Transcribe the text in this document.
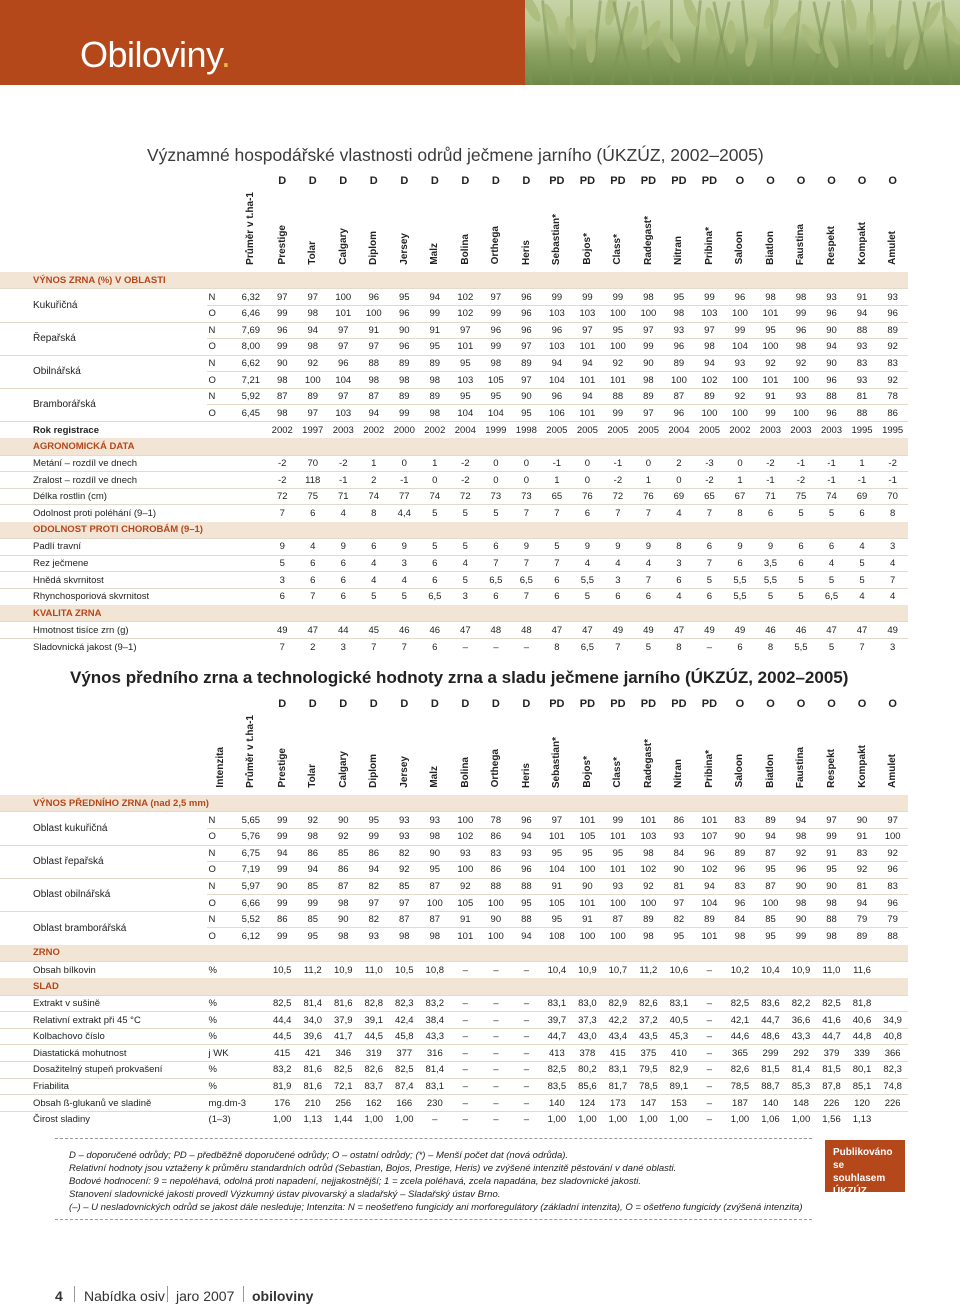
Obiloviny.
Významné hospodářské vlastnosti odrůd ječmene jarního (ÚKZÚZ, 2002–2005)
			D	D	D	D	D	D	D	D	D	PD	PD	PD	PD	PD	PD	O	O	O	O	O	O
		Průměr v t.ha-1	Prestige	Tolar	Calgary	Diplom	Jersey	Malz	Bolina	Orthega	Heris	Sebastian*	Bojos*	Class*	Radegast*	Nitran	Pribina*	Saloon	Biatlon	Faustina	Respekt	Kompakt	Amulet
VÝNOS ZRNA (%) V OBLASTI																							
Kukuřičná	N	6,32	97	97	100	96	95	94	102	97	96	99	99	99	98	95	99	96	98	98	93	91	93
	O	6,46	99	98	101	100	96	99	102	99	96	103	103	100	100	98	103	100	101	99	96	94	96
Řepařská	N	7,69	96	94	97	91	90	91	97	96	96	96	97	95	97	93	97	99	95	96	90	88	89
	O	8,00	99	98	97	97	96	95	101	99	97	103	101	100	99	96	98	104	100	98	94	93	92
Obilnářská	N	6,62	90	92	96	88	89	89	95	98	89	94	94	92	90	89	94	93	92	92	90	83	83
	O	7,21	98	100	104	98	98	98	103	105	97	104	101	101	98	100	102	100	101	100	96	93	92
Bramborářská	N	5,92	87	89	97	87	89	89	95	95	90	96	94	88	89	87	89	92	91	93	88	81	78
	O	6,45	98	97	103	94	99	98	104	104	95	106	101	99	97	96	100	100	99	100	96	88	86
Rok registrace			2002	1997	2003	2002	2000	2002	2004	1999	1998	2005	2005	2005	2005	2004	2005	2002	2003	2003	2003	1995	1995
AGRONOMICKÁ DATA																							
Metání – rozdíl ve dnech			-2	70	-2	1	0	1	-2	0	0	-1	0	-1	0	2	-3	0	-2	-1	-1	1	-2
Zralost – rozdíl ve dnech			-2	118	-1	2	-1	0	-2	0	0	1	0	-2	1	0	-2	1	-1	-2	-1	-1	-1
Délka rostlin (cm)			72	75	71	74	77	74	72	73	73	65	76	72	76	69	65	67	71	75	74	69	70
Odolnost proti poléhání (9–1)			7	6	4	8	4,4	5	5	5	7	7	6	7	7	4	7	8	6	5	5	6	8
ODOLNOST PROTI CHOROBÁM (9–1)																							
Padlí travní			9	4	9	6	9	5	5	6	9	5	9	9	9	8	6	9	9	6	6	4	3
Rez ječmene			5	6	6	4	3	6	4	7	7	7	4	4	4	3	7	6	3,5	6	4	5	4
Hnědá skvrnitost			3	6	6	4	4	6	5	6,5	6,5	6	5,5	3	7	6	5	5,5	5,5	5	5	5	7
Rhynchosporiová skvrnitost			6	7	6	5	5	6,5	3	6	7	6	5	6	6	4	6	5,5	5	5	6,5	4	4
KVALITA ZRNA																							
Hmotnost tisíce zrn (g)			49	47	44	45	46	46	47	48	48	47	47	49	49	47	49	49	46	46	47	47	49
Sladovnická jakost (9–1)			7	2	3	7	7	6	–	–	–	8	6,5	7	5	8	–	6	8	5,5	5	7	3
Výnos předního zrna a technologické hodnoty zrna a sladu ječmene jarního (ÚKZÚZ, 2002–2005)
			D	D	D	D	D	D	D	D	D	PD	PD	PD	PD	PD	PD	O	O	O	O	O	O
	Intenzita	Průměr v t.ha-1	Prestige	Tolar	Calgary	Diplom	Jersey	Malz	Bolina	Orthega	Heris	Sebastian*	Bojos*	Class*	Radegast*	Nitran	Pribina*	Saloon	Biatlon	Faustina	Respekt	Kompakt	Amulet
VÝNOS PŘEDNÍHO ZRNA (nad 2,5 mm)																							
Oblast kukuřičná	N	5,65	99	92	90	95	93	93	100	78	96	97	101	99	101	86	101	83	89	94	97	90	97
	O	5,76	99	98	92	99	93	98	102	86	94	101	105	101	103	93	107	90	94	98	99	91	100
Oblast řepařská	N	6,75	94	86	85	86	82	90	93	83	93	95	95	95	98	84	96	89	87	92	91	83	92
	O	7,19	99	94	86	94	92	95	100	86	96	104	100	101	102	90	102	96	95	96	95	92	96
Oblast obilnářská	N	5,97	90	85	87	82	85	87	92	88	88	91	90	93	92	81	94	83	87	90	90	81	83
	O	6,66	99	99	98	97	97	100	105	100	95	105	101	100	100	97	104	96	100	98	98	94	96
Oblast bramborářská	N	5,52	86	85	90	82	87	87	91	90	88	95	91	87	89	82	89	84	85	90	88	79	79
	O	6,12	99	95	98	93	98	98	101	100	94	108	100	100	98	95	101	98	95	99	98	89	88
ZRNO																							
Obsah bílkovin	%		10,5	11,2	10,9	11,0	10,5	10,8	–	–	–	10,4	10,9	10,7	11,2	10,6	–	10,2	10,4	10,9	11,0	11,6	
SLAD																							
Extrakt v sušině	%		82,5	81,4	81,6	82,8	82,3	83,2	–	–	–	83,1	83,0	82,9	82,6	83,1	–	82,5	83,6	82,2	82,5	81,8	
Relativní extrakt při 45 °C	%		44,4	34,0	37,9	39,1	42,4	38,4	–	–	–	39,7	37,3	42,2	37,2	40,5	–	42,1	44,7	36,6	41,6	40,6	34,9
Kolbachovo číslo	%		44,5	39,6	41,7	44,5	45,8	43,3	–	–	–	44,7	43,0	43,4	43,5	45,3	–	44,6	48,6	43,3	44,7	44,8	40,8
Diastatická mohutnost	j WK		415	421	346	319	377	316	–	–	–	413	378	415	375	410	–	365	299	292	379	339	366
Dosažitelný stupeň prokvašení	%		83,2	81,6	82,5	82,6	82,5	81,4	–	–	–	82,5	80,2	83,1	79,5	82,9	–	82,6	81,5	81,4	81,5	80,1	82,3
Friabilita	%		81,9	81,6	72,1	83,7	87,4	83,1	–	–	–	83,5	85,6	81,7	78,5	89,1	–	78,5	88,7	85,3	87,8	85,1	74,8
Obsah ß-glukanů ve sladině	mg.dm-3		176	210	256	162	166	230	–	–	–	140	124	173	147	153	–	187	140	148	226	120	226
Čirost sladiny	(1–3)		1,00	1,13	1,44	1,00	1,00	–	–	–	–	1,00	1,00	1,00	1,00	1,00	–	1,00	1,06	1,00	1,56	1,13	
D – doporučené odrůdy; PD – předběžně doporučené odrůdy; O – ostatní odrůdy; (*) – Menší počet dat (nová odrůda).
Relativní hodnoty jsou vztaženy k průměru standardních odrůd (Sebastian, Bojos, Prestige, Heris) ve zvýšené intenzitě pěstování v dané oblasti.
Bodové hodnocení: 9 = nepoléhavá, odolná proti napadení, nejjakostnější; 1 = zcela poléhavá, zcela napadána, bez sladovnické jakosti.
Stanovení sladovnické jakosti provedl Výzkumný ústav pivovarský a sladařský – Sladařský ústav Brno.
(–) – U nesladovnických odrůd se jakost dále nesleduje; Intenzita: N = neošetřeno fungicidy ani morforegulátory (základní intenzita), O = ošetřeno fungicidy (zvýšená intenzita)
Publikováno se souhlasem ÚKZÚZ
4 Nabídka osiv jaro 2007 obiloviny
